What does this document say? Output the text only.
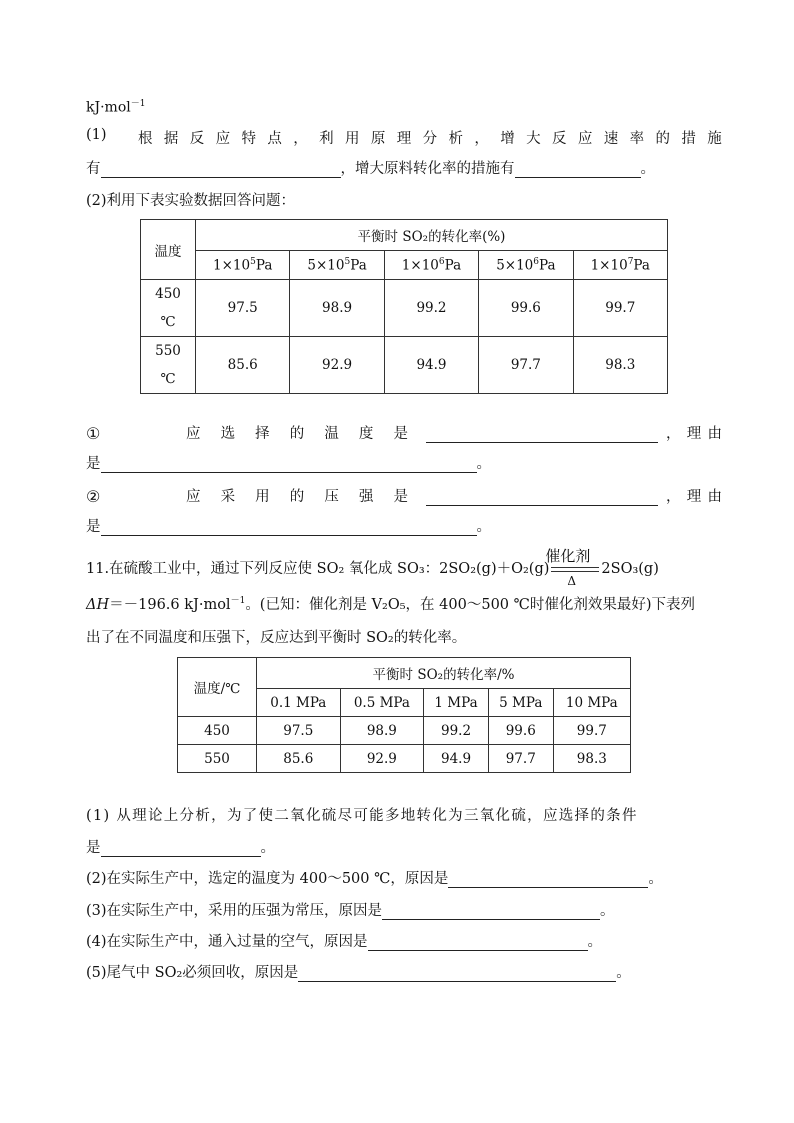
kJ·mol$^{-1}$
(1)	根 据 反 应 特 点 ， 利 用 原 理 分 析 ， 增 大 反 应 速 率 的 措 施
有	，增大原料转化率的措施有	。
(2)利用下表实验数据回答问题：
温度	平衡时 SO₂的转化率(%)				
	$1\times 10^5Pa$	$5\times 10^5Pa$	$1\times 10^6Pa$	$5\times 10^6Pa$	$1\times 10^7Pa$
450
℃	97.5	98.9	99.2	99.6	99.7
550
℃	85.6	92.9	94.9	97.7	98.3
①	应 选 择 的 温 度 是	， 理 由
是	。
②	应 采 用 的 压 强 是	， 理 由
是	。
11.在硫酸工业中，通过下列反应使 SO₂ 氧化成 SO₃：2SO₂(g)＋O₂(g)
催化剂
Δ
2SO₃(g)
ΔH＝－196.6 kJ·mol$^{-1}$。(已知：催化剂是 V₂O₅，在 400～500 ℃时催化剂效果最好)下表列
出了在不同温度和压强下，反应达到平衡时 SO₂的转化率。
温度/℃	平衡时 SO₂的转化率/%				
	0.1 MPa	0.5 MPa	1 MPa	5 MPa	10 MPa
450	97.5	98.9	99.2	99.6	99.7
550	85.6	92.9	94.9	97.7	98.3
(1) 从理论上分析，为了使二氧化硫尽可能多地转化为三氧化硫，应选择的条件
是	。
(2)在实际生产中，选定的温度为 400～500 ℃，原因是	。
(3)在实际生产中，采用的压强为常压，原因是	。
(4)在实际生产中，通入过量的空气，原因是	。
(5)尾气中 SO₂必须回收，原因是	。
